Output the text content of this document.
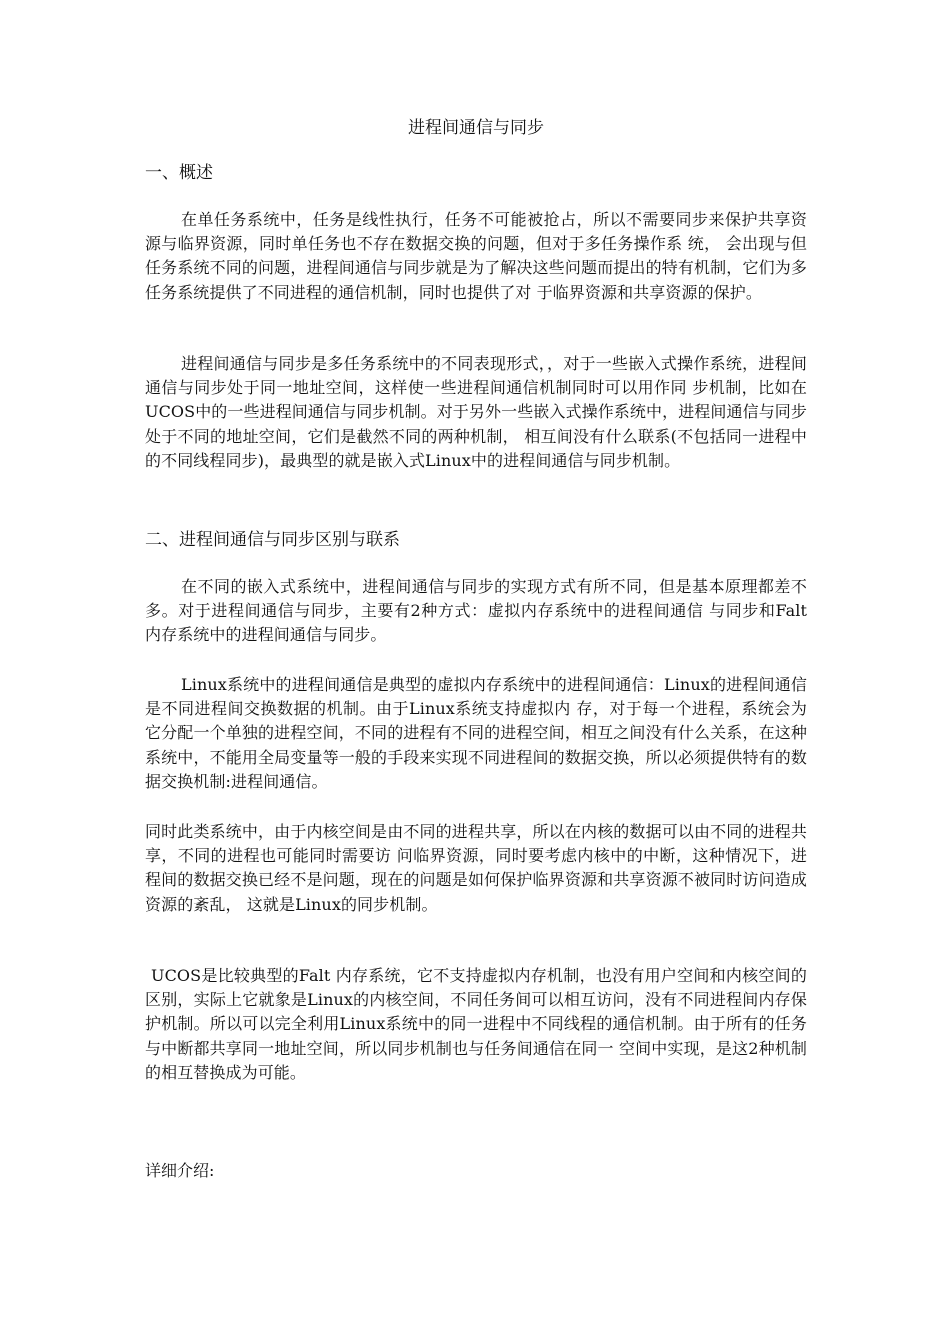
进程间通信与同步
一、概述

在单任务系统中，任务是线性执行，任务不可能被抢占，所以不需要同步来保护共享资源与临界资源，同时单任务也不存在数据交换的问题，但对于多任务操作系 统， 会出现与但任务系统不同的问题，进程间通信与同步就是为了解决这些问题而提出的特有机制，它们为多任务系统提供了不同进程的通信机制，同时也提供了对 于临界资源和共享资源的保护。

进程间通信与同步是多任务系统中的不同表现形式，，对于一些嵌入式操作系统，进程间通信与同步处于同一地址空间，这样使一些进程间通信机制同时可以用作同 步机制，比如在UCOS中的一些进程间通信与同步机制。对于另外一些嵌入式操作系统中，进程间通信与同步处于不同的地址空间，它们是截然不同的两种机制， 相互间没有什么联系(不包括同一进程中的不同线程同步)，最典型的就是嵌入式Linux中的进程间通信与同步机制。

二、进程间通信与同步区别与联系

在不同的嵌入式系统中，进程间通信与同步的实现方式有所不同，但是基本原理都差不多。对于进程间通信与同步，主要有2种方式：虚拟内存系统中的进程间通信 与同步和Falt 内存系统中的进程间通信与同步。

Linux系统中的进程间通信是典型的虚拟内存系统中的进程间通信：Linux的进程间通信是不同进程间交换数据的机制。由于Linux系统支持虚拟内 存，对于每一个进程，系统会为它分配一个单独的进程空间，不同的进程有不同的进程空间，相互之间没有什么关系，在这种系统中，不能用全局变量等一般的手段来实现不同进程间的数据交换，所以必须提供特有的数据交换机制:进程间通信。

同时此类系统中，由于内核空间是由不同的进程共享，所以在内核的数据可以由不同的进程共享，不同的进程也可能同时需要访 问临界资源，同时要考虑内核中的中断，这种情况下，进程间的数据交换已经不是问题，现在的问题是如何保护临界资源和共享资源不被同时访问造成资源的紊乱， 这就是Linux的同步机制。

UCOS是比较典型的Falt 内存系统，它不支持虚拟内存机制，也没有用户空间和内核空间的区别，实际上它就象是Linux的内核空间，不同任务间可以相互访问，没有不同进程间内存保 护机制。所以可以完全利用Linux系统中的同一进程中不同线程的通信机制。由于所有的任务与中断都共享同一地址空间，所以同步机制也与任务间通信在同一 空间中实现，是这2种机制的相互替换成为可能。

详细介绍:
